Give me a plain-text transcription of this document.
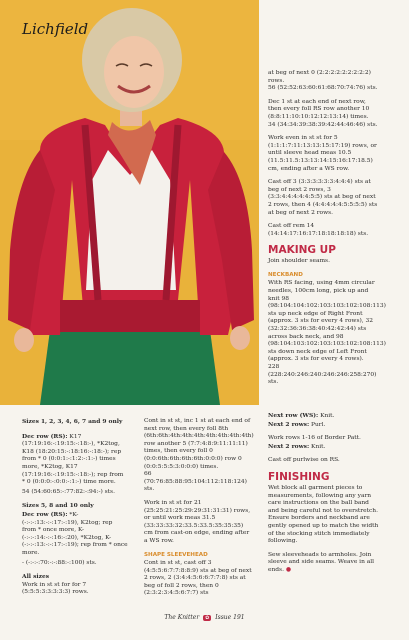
Lichfield

Sizes 1, 2, 3, 4, 6, 7 and 9 only

Dec row (RS): K17 (17:19:16:-:19:15:-:18:-), *K2tog, K18 (18:20:15:-:18:16:-:18:-); rep from * 0 (0:0:1:-:1:2:-:1:-) times more, *K2tog, K17 (17:19:16:-:19:15:-:18:-); rep from * 0 (0:0:0:-:0:0:-:1:-) time more.

54 (54:60:65:-:77:82:-:94:-) sts.

Sizes 5, 8 and 10 only

Dec row (RS): *K- (-:-:-:13:-:-:17:-:19), K2tog; rep from * once more, K- (-:-:-:14:-:-:16:-:20), *K2tog, K- (-:-:-:13:-:-:17:-:19); rep from * once more.

- (-:-:-:70:-:-:88:-:100) sts.

All sizes

Work in st st for for 7 (5:5:5:3:3:3:3:3) rows.

Cont in st st, inc 1 st at each end of next row, then every foll 8th (6th:6th:4th:4th:4th:4th:4th:4th:4th) row another 5 (7:7:4:8:9:11:11:11) times, then every foll 0 (0:0:6th:6th:6th:6th:0:0:0) row 0 (0:0:5:5:5:3:0:0:0) times.

66 (70:76:85:88:95:104:112:118:124) sts.

Work in st st for 21 (25:25:21:25:29:29:31:31:31) rows, or until work meas 31.5 (33:33:33:32:33.5:33.5:35:35:35) cm from cast-on edge, ending after a WS row.

SHAPE SLEEVEHEAD

Cont in st st, cast off 3 (4:5:5:6:7:7:8:8:9) sts at beg of next 2 rows, 2 (3:4:4:5:6:6:7:7:8) sts at beg of foll 2 rows, then 0 (2:3:2:3:4:5:6:7:7) sts

at beg of next 0 (2:2:2:2:2:2:2:2:2) rows.

56 (52:52:63:60:61:68:70:74:76) sts.

Dec 1 st at each end of next row, then every foll RS row another 10 (8:8:11:10:10:12:12:13:14) times.

34 (34:34:39:38:39:42:44:46:46) sts.

Work even in st st for 5 (1:1:1:7:11:13:13:15:17:19) rows, or until sleeve head meas 10.5 (11.5:11.5:13:13:14:15:16:17:18.5) cm, ending after a WS row.

Cast off 3 (3:3:3:3:3:3:4:4:4) sts at beg of next 2 rows, 3 (3:3:4:4:4:4:4:5:5) sts at beg of next 2 rows, then 4 (4:4:4:4:4:5:5:5:5) sts at beg of next 2 rows.

Cast off rem 14 (14:14:17:16:17:18:18:18:18) sts.

MAKING UP

Join shoulder seams.

NECKBAND

With RS facing, using 4mm circular needles, 100cm long, pick up and knit 98 (98:104:104:102:103:103:102:108:113) sts up neck edge of Right Front (approx. 3 sts for every 4 rows), 32 (32:32:36:36:38:40:42:42:44) sts across back neck, and 98 (98:104:103:102:103:103:102:108:113) sts down neck edge of Left Front (approx. 3 sts for every 4 rows).

228 (228:240:246:240:246:246:258:270) sts.

Next row (WS): Knit.

Next 2 rows: Purl.

Work rows 1-16 of Border Patt.

Next 2 rows: Knit.

Cast off purlwise on RS.

FINISHING

Wet block all garment pieces to measurements, following any yarn care instructions on the ball band and being careful not to overstretch. Ensure borders and neckband are gently opened up to match the width of the stocking stitch immediately following.

Sew sleeveheads to armholes. Join sleeve and side seams. Weave in all ends. ●

The Knitter ✿ Issue 191
